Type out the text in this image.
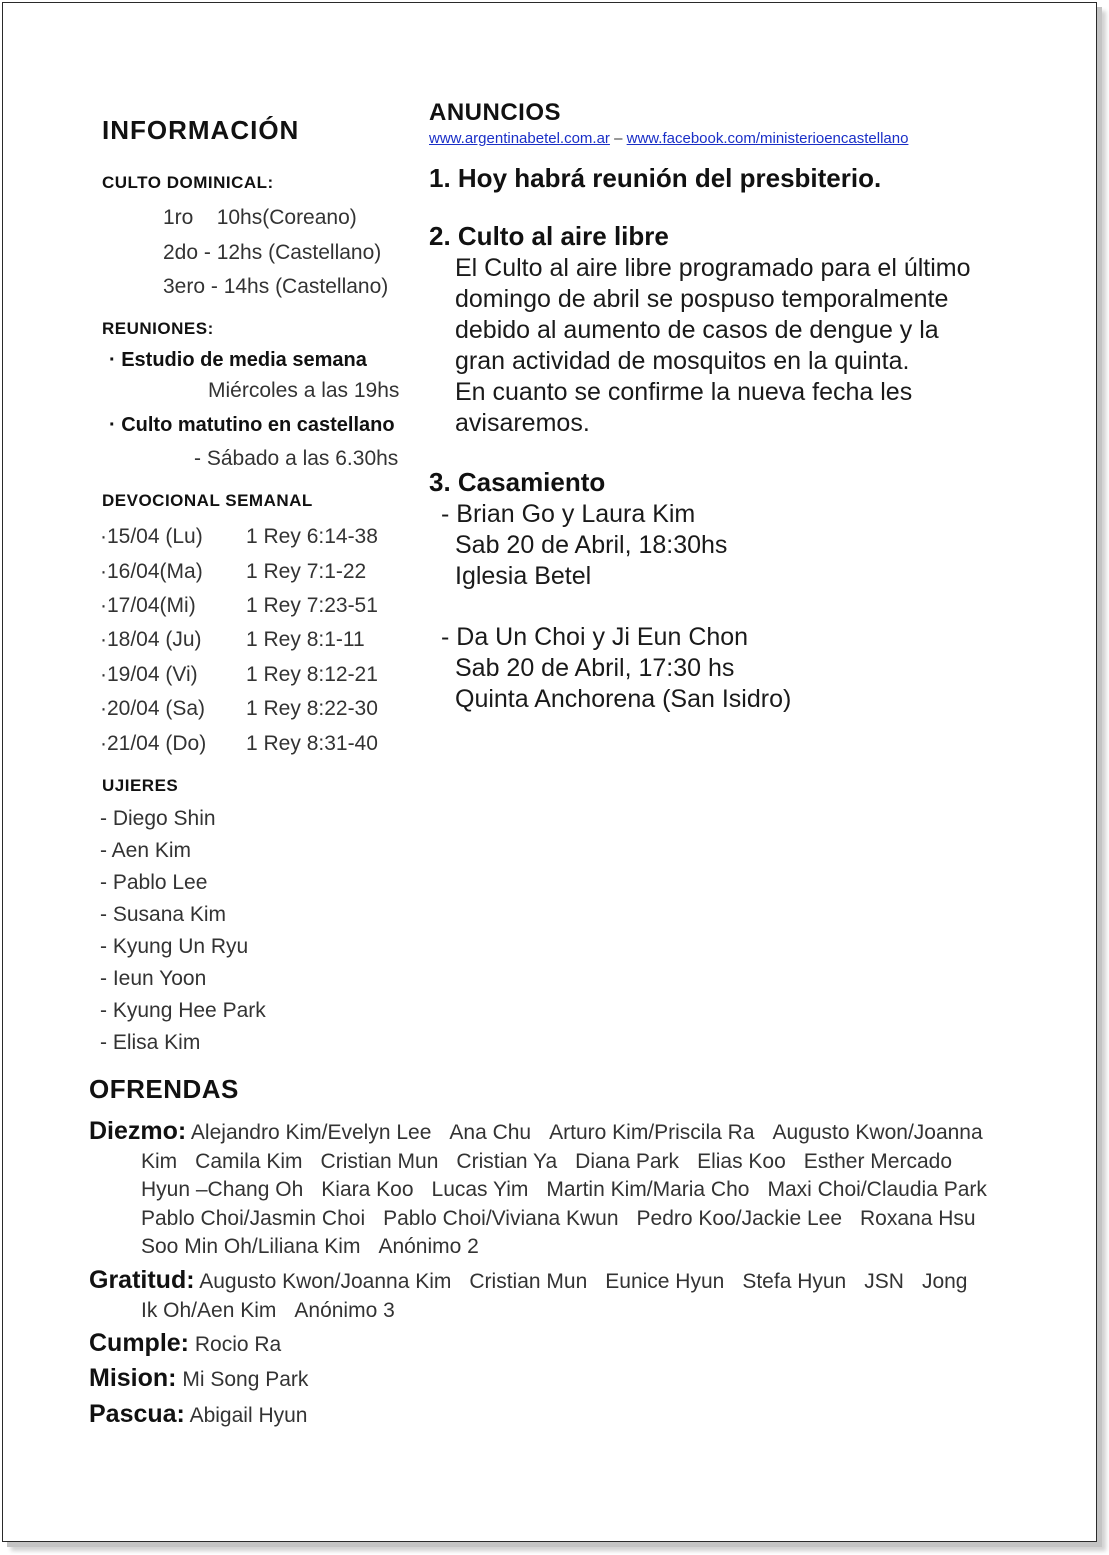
INFORMACIÓN
CULTO DOMINICAL:
1ro    10hs(Coreano)
2do - 12hs (Castellano)
3ero - 14hs (Castellano)
REUNIONES:
· Estudio de media semana
Miércoles a las 19hs
· Culto matutino en castellano
- Sábado a las 6.30hs
DEVOCIONAL SEMANAL
·15/04 (Lu) 1 Rey 6:14-38
·16/04(Ma) 1 Rey 7:1-22
·17/04(Mi) 1 Rey 7:23-51
·18/04 (Ju) 1 Rey 8:1-11
·19/04 (Vi) 1 Rey 8:12-21
·20/04 (Sa) 1 Rey 8:22-30
·21/04 (Do) 1 Rey 8:31-40
UJIERES
- Diego Shin
- Aen Kim
- Pablo Lee
- Susana Kim
- Kyung Un Ryu
- Ieun Yoon
- Kyung Hee Park
- Elisa Kim
ANUNCIOS
www.argentinabetel.com.ar – www.facebook.com/ministerioencastellano
1. Hoy habrá reunión del presbiterio.
2. Culto al aire libre
El Culto al aire libre programado para el último
domingo de abril se pospuso temporalmente
debido al aumento de casos de dengue y la
gran actividad de mosquitos en la quinta.
En cuanto se confirme la nueva fecha les
avisaremos.
3. Casamiento
- Brian Go y Laura Kim
Sab 20 de Abril, 18:30hs
Iglesia Betel
- Da Un Choi y Ji Eun Chon
Sab 20 de Abril, 17:30 hs
Quinta Anchorena (San Isidro)
OFRENDAS
Diezmo: Alejandro Kim/Evelyn Lee Ana Chu Arturo Kim/Priscila Ra Augusto Kwon/Joanna
Kim Camila Kim Cristian Mun Cristian Ya Diana Park Elias Koo Esther Mercado
Hyun –Chang Oh Kiara Koo Lucas Yim Martin Kim/Maria Cho Maxi Choi/Claudia Park
Pablo Choi/Jasmin Choi Pablo Choi/Viviana Kwun Pedro Koo/Jackie Lee Roxana Hsu
Soo Min Oh/Liliana Kim Anónimo 2
Gratitud: Augusto Kwon/Joanna Kim Cristian Mun Eunice Hyun Stefa Hyun JSN Jong
Ik Oh/Aen Kim Anónimo 3
Cumple: Rocio Ra
Mision: Mi Song Park
Pascua: Abigail Hyun
